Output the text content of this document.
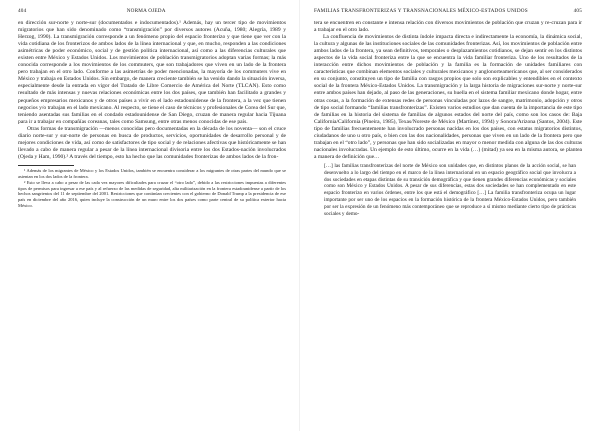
404	NORMA OJEDA

en dirección sur-norte y norte-sur (documentados e indocumentados).¹ Además, hay un tercer tipo de movimientos migratorios que han sido denominado como “transmigración” por diversos autores (Acuña, 1980; Alegría, 1989 y Herzog, 1990). La transmigración corresponde a un fenómeno propio del espacio fronterizo y que tiene que ver con la vida cotidiana de los fronterizos de ambos lados de la línea internacional y que, en mucho, responden a las condiciones asimétricas de poder económico, social y de gestión política internacional, así como a las diferencias culturales que existen entre México y Estados Unidos. Los movimientos de población transmigratorios adoptan varias formas; la más conocida corresponde a los movimientos de los commuters, que son trabajadores que viven en un lado de la frontera pero trabajan en el otro lado. Conforme a las asimetrías de poder mencionadas, la mayoría de los commuters vive en México y trabaja en Estados Unidos. Sin embargo, de manera creciente también se ha venido dando la situación inversa, especialmente desde la entrada en vigor del Tratado de Libre Comercio de América del Norte (TLCAN). Esto como resultado de más intensas y nuevas relaciones económicas entre los dos países, que también han facilitado a grandes y pequeños empresarios mexicanos y de otros países a vivir en el lado estadounidense de la frontera, a la vez que tienen negocios y/o trabajan en el lado mexicano. Al respecto, se tiene el caso de técnicos y profesionales de Corea del Sur que, teniendo asentadas sus familias en el condado estadounidense de San Diego, cruzan de manera regular hacia Tijuana para ir a trabajar en compañías coreanas, tales como Samsung, entre otras menos conocidas de ese país.

Otras formas de transmigración —menos conocidas pero documentadas en la década de los noventa— son el cruce diario norte-sur y sur-norte de personas en busca de productos, servicios, oportunidades de desarrollo personal y de mejores condiciones de vida, así como de satisfactores de tipo social y de relaciones afectivas que históricamente se han llevado a cabo de manera regular a pesar de la línea internacional divisoria entre los dos Estados-nación involucrados (Ojeda y Ham, 1990).² A través del tiempo, esto ha hecho que las comunidades fronterizas de ambos lados de la fron-

¹ Además de los migrantes de México y los Estados Unidos, también se encuentra considerar a los migrantes de otras partes del mundo que se asientan en los dos lados de la frontera.

² Esto se lleva a cabo a pesar de las cada vez mayores dificultades para cruzar el “otro lado”, debido a las restricciones impuestas a diferentes tipos de permisos para ingresar a ese país y al refuerzo de las medidas de seguridad, alta militarización en la frontera estadounidense a partir de los hechos sangrientos del 11 de septiembre del 2001. Restricciones que continúan crecientes con el gobierno de Donald Trump a la presidencia de ese país en diciembre del año 2016, quien incluye la construcción de un muro entre los dos países como parte central de su política exterior hacia México.

FAMILIAS TRANSFRONTERIZAS Y TRANSNACIONALES MÉXICO-ESTADOS UNIDOS	405

tera se encuentren en constante e intensa relación con diversos movimientos de población que cruzan y re-cruzan para ir a trabajar en el otro lado.

La confluencia de movimientos de distinta índole impacta directa e indirectamente la economía, la dinámica social, la cultura y algunas de las instituciones sociales de las comunidades fronterizas. Así, los movimientos de población entre ambos lados de la frontera, ya sean definitivos, temporales o desplazamientos cotidianos, se dejan sentir en los distintos aspectos de la vida social fronteriza entre la que se encuentra la vida familiar fronteriza. Uno de los resultados de la interacción entre dichos movimientos de población y la familia es la formación de unidades familiares con características que combinan elementos sociales y culturales mexicanos y anglonorteamericanos que, al ser considerados en su conjunto, constituyen un tipo de familia con rasgos propios que solo son explicables y entendibles en el contexto social de la frontera México-Estados Unidos. La transmigración y la larga historia de migraciones sur-norte y norte-sur entre ambos países han dejado, al paso de las generaciones, su huella en el sistema familiar mexicano donde hogar, entre otras cosas, a la formación de extensas redes de personas vinculadas por lazos de sangre, matrimonio, adopción y otros de tipo social formando “familias transfronterizas”. Existen varios estudios que dan cuenta de la importancia de este tipo de familias en la historia del sistema de familias de algunos estados del norte del país, como son los casos de: Baja California/California (Pineira, 1985), Texas/Noreste de México (Martínez, 1994) y Sonora/Arizona (Santos, 2004). Este tipo de familias frecuentemente han involucrado personas nacidas en los dos países, con estatus migratorios distintos, ciudadanos de uno u otro país, o bien con las dos nacionalidades, personas que viven en un lado de la frontera pero que trabajan en el “otro lado”, y personas que han sido socializadas en mayor o menor medida con alguna de las dos culturas nacionales involucradas. Un ejemplo de esto último, ocurre en la vida (…) (mitad) ya sea en la misma autora, se plantea a manera de definición que…

[…] las familias transfronterizas del norte de México son unidades que, en distintos planos de la acción social, se han desenvuelto a lo largo del tiempo en el marco de la línea internacional en un espacio geográfico social que involucra a dos sociedades en etapas distintas de su transición demográfica y que tienen grandes diferencias económicas y sociales como son México y Estados Unidos. A pesar de sus diferencias, estas dos sociedades se han complementado en este espacio fronterizo en varios órdenes, entre los que está el demográfico […] La familia transfronteriza ocupa un lugar importante por ser uno de los espacios en la formación histórica de la frontera México-Estados Unidos, pero también por ser la expresión de un fenómeno más contemporáneo que se reproduce a sí mismo mediante cierto tipo de prácticas sociales y demo-
